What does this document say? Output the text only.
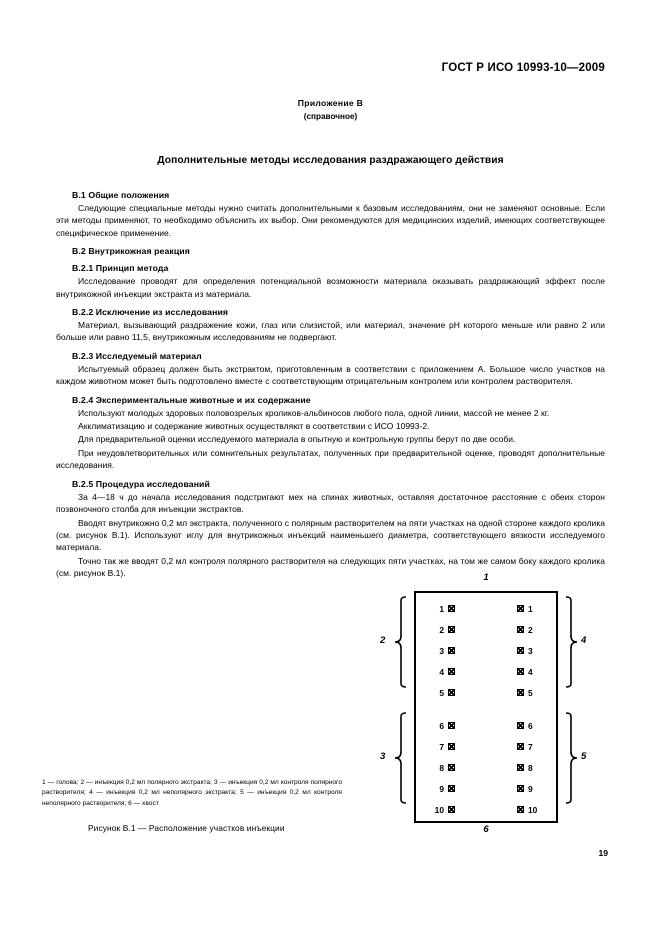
ГОСТ Р ИСО 10993-10—2009
Приложение В
(справочное)
Дополнительные методы исследования раздражающего действия
В.1 Общие положения

Следующие специальные методы нужно считать дополнительными к базовым исследованиям, они не заменяют основные. Если эти методы применяют, то необходимо объяснить их выбор. Они рекомендуются для медицинских изделий, имеющих соответствующее специфическое применение.

В.2 Внутрикожная реакция
В.2.1 Принцип метода

Исследование проводят для определения потенциальной возможности материала оказывать раздражающий эффект после внутрикожной инъекции экстракта из материала.

В.2.2 Исключение из исследования

Материал, вызывающий раздражение кожи, глаз или слизистой, или материал, значение рН которого меньше или равно 2 или больше или равно 11,5, внутрикожным исследованиям не подвергают.

В.2.3 Исследуемый материал

Испытуемый образец должен быть экстрактом, приготовленным в соответствии с приложением А. Большое число участков на каждом животном может быть подготовлено вместе с соответствующим отрицательным контролем или контролем растворителя.

В.2.4 Экспериментальные животные и их содержание

Используют молодых здоровых половозрелых кроликов-альбиносов любого пола, одной линии, массой не менее 2 кг.

Акклиматизацию и содержание животных осуществляют в соответствии с ИСО 10993-2.

Для предварительной оценки исследуемого материала в опытную и контрольную группы берут по две особи.

При неудовлетворительных или сомнительных результатах, полученных при предварительной оценке, проводят дополнительные исследования.

В.2.5 Процедура исследований

За 4—18 ч до начала исследования подстригают мех на спинах животных, оставляя достаточное расстояние с обеих сторон позвоночного столба для инъекции экстрактов.

Вводят внутрикожно 0,2 мл экстракта, полученного с полярным растворителем на пяти участках на одной стороне каждого кролика (см. рисунок В.1). Используют иглу для внутрикожных инъекций наименьшего диаметра, соответствующего вязкости исследуемого материала.

Точно так же вводят 0,2 мл контроля полярного растворителя на следующих пяти участках, на том же самом боку каждого кролика (см. рисунок В.1).	1
2
3
4
5
1	1
2	2
3	3
4	4
5	5
6	6
7	7
8	8
9	9
10	10
6
1 — голова; 2 — инъекция 0,2 мл полярного экстракта; 3 — инъекция 0,2 мл контроля полярного растворителя; 4 — инъекция 0,2 мл неполярного экстракта; 5 — инъекция 0,2 мл контроля неполярного растворителя; 6 — хвост
Рисунок В.1 — Расположение участков инъекции
19
